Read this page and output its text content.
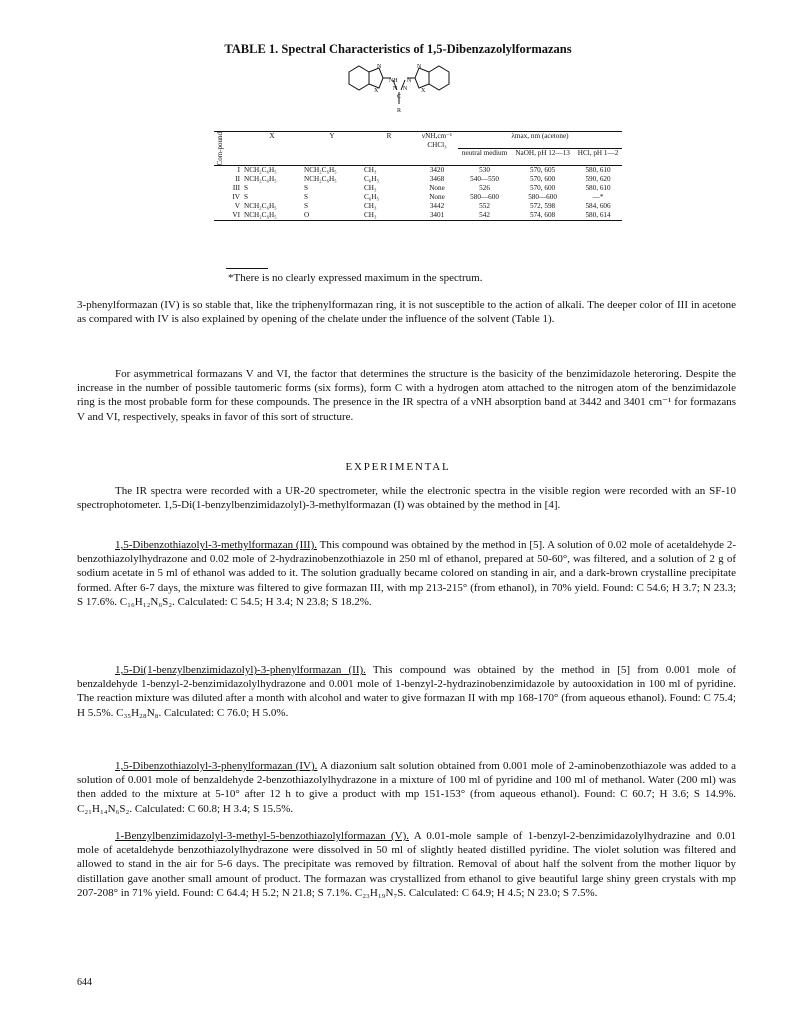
TABLE 1. Spectral Characteristics of 1,5-Dibenzazolylformazans
X
N
NH N
N
C
N	X
N
R
Com-pound	X	Y	R	νNH,cm⁻¹ CHCl₃	λmax, nm (acetone)		
					neutral medium	NaOH, pH 12—13	HCl, pH 1—2
I	NCH₂C₆H₅	NCH₂C₆H₅	CH₃	3420	530	570, 605	580, 610
II	NCH₂C₆H₅	NCH₂C₆H₅	C₆H₅	3468	540—550	570, 600	590, 620
III	S	S	CH₃	None	526	570, 600	580, 610
IV	S	S	C₆H₅	None	580—600	580—600	—*
V	NCH₂C₆H₅	S	CH₃	3442	552	572, 598	584, 606
VI	NCH₂C₆H₅	O	CH₃	3401	542	574, 608	580, 614
*There is no clearly expressed maximum in the spectrum.
3-phenylformazan (IV) is so stable that, like the triphenylformazan ring, it is not susceptible to the action of alkali. The deeper color of III in acetone as compared with IV is also explained by opening of the chelate under the influence of the solvent (Table 1).
For asymmetrical formazans V and VI, the factor that determines the structure is the basicity of the benzimidazole heteroring. Despite the increase in the number of possible tautomeric forms (six forms), form C with a hydrogen atom attached to the nitrogen atom of the benzimidazole ring is the most probable form for these compounds. The presence in the IR spectra of a νNH absorption band at 3442 and 3401 cm⁻¹ for formazans V and VI, respectively, speaks in favor of this sort of structure.
EXPERIMENTAL
The IR spectra were recorded with a UR-20 spectrometer, while the electronic spectra in the visible region were recorded with an SF-10 spectrophotometer. 1,5-Di(1-benzylbenzimidazolyl)-3-methylformazan (I) was obtained by the method in [4].
1,5-Dibenzothiazolyl-3-methylformazan (III). This compound was obtained by the method in [5]. A solution of 0.02 mole of acetaldehyde 2-benzothiazolylhydrazone and 0.02 mole of 2-hydrazinobenzothiazole in 250 ml of ethanol, prepared at 50-60°, was filtered, and a solution of 2 g of sodium acetate in 5 ml of ethanol was added to it. The solution gradually became colored on standing in air, and a dark-brown crystalline precipitate formed. After 6-7 days, the mixture was filtered to give formazan III, with mp 213-215° (from ethanol), in 70% yield. Found: C 54.6; H 3.7; N 23.3; S 17.6%. C₁₆H₁₂N₆S₂. Calculated: C 54.5; H 3.4; N 23.8; S 18.2%.
1,5-Di(1-benzylbenzimidazolyl)-3-phenylformazan (II). This compound was obtained by the method in [5] from 0.001 mole of benzaldehyde 1-benzyl-2-benzimidazolylhydrazone and 0.001 mole of 1-benzyl-2-hydrazinobenzimidazole by autooxidation in 100 ml of pyridine. The reaction mixture was diluted after a month with alcohol and water to give formazan II with mp 168-170° (from aqueous ethanol). Found: C 75.4; H 5.5%. C₃₅H₂₈N₈. Calculated: C 76.0; H 5.0%.
1,5-Dibenzothiazolyl-3-phenylformazan (IV). A diazonium salt solution obtained from 0.001 mole of 2-aminobenzothiazole was added to a solution of 0.001 mole of benzaldehyde 2-benzothiazolylhydrazone in a mixture of 100 ml of pyridine and 100 ml of methanol. Water (200 ml) was then added to the mixture at 5-10° after 12 h to give a product with mp 151-153° (from aqueous ethanol). Found: C 60.7; H 3.6; S 14.9%. C₂₁H₁₄N₆S₂. Calculated: C 60.8; H 3.4; S 15.5%.
1-Benzylbenzimidazolyl-3-methyl-5-benzothiazolylformazan (V). A 0.01-mole sample of 1-benzyl-2-benzimidazolylhydrazine and 0.01 mole of acetaldehyde benzothiazolylhydrazone were dissolved in 50 ml of slightly heated distilled pyridine. The violet solution was filtered and allowed to stand in the air for 5-6 days. The precipitate was removed by filtration. Removal of about half the solvent from the mother liquor by distillation gave another small amount of product. The formazan was crystallized from ethanol to give beautiful large shiny green crystals with mp 207-208° in 71% yield. Found: C 64.4; H 5.2; N 21.8; S 7.1%. C₂₃H₁₉N₇S. Calculated: C 64.9; H 4.5; N 23.0; S 7.5%.
644
